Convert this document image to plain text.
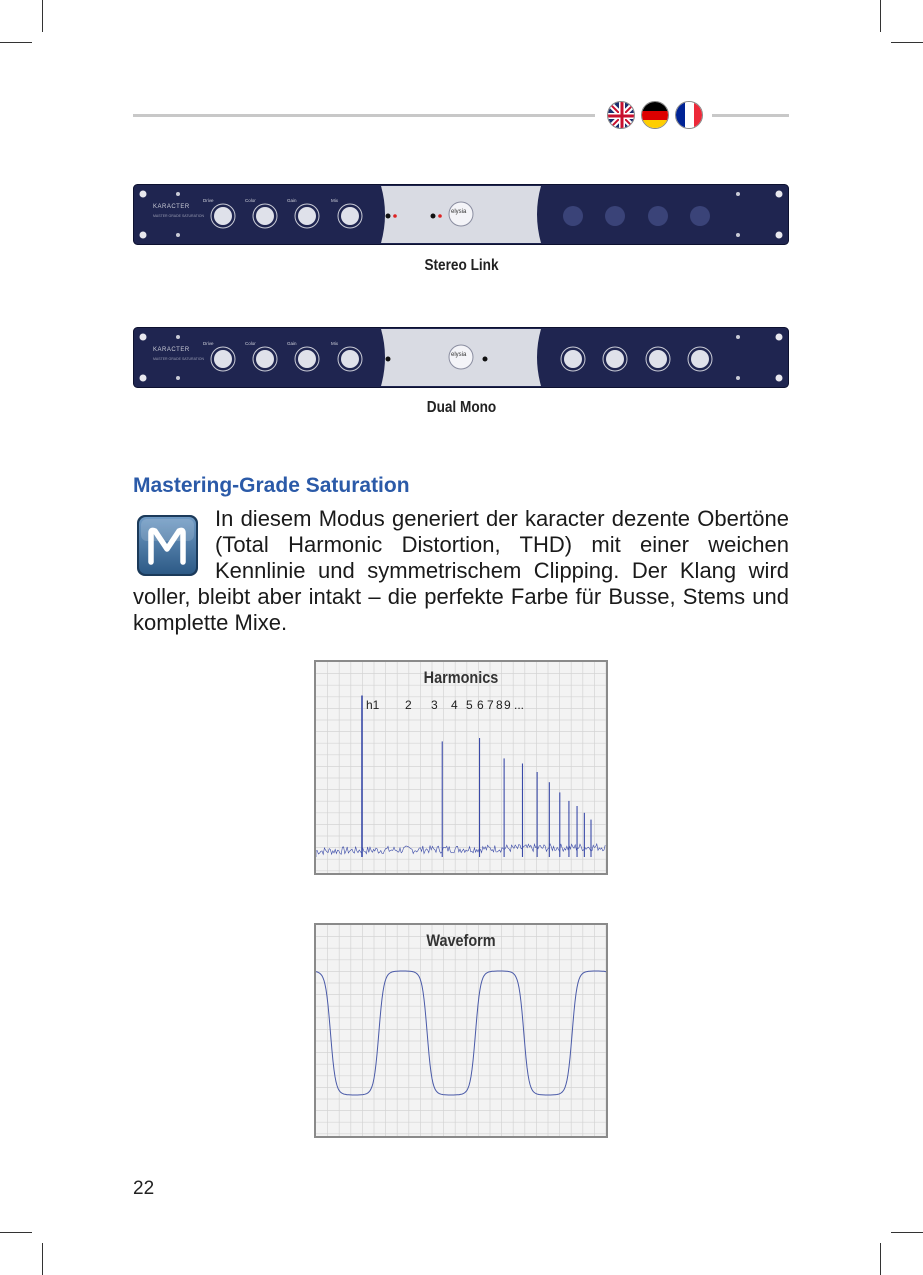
KARACTER
MASTER GRADE SATURATION
Drive	Color	Gain	Mix
elysia
Stereo Link
KARACTER
MASTER GRADE SATURATION
Drive	Color	Gain	Mix
elysia
Dual Mono
Mastering-Grade Saturation

In diesem Modus generiert der karacter dezente Obertöne (Total Harmonic Distortion, THD) mit einer weichen Kennlinie und symmetrischem Clipping. Der Klang wird voller, bleibt aber intakt – die perfekte Farbe für Busse, Stems und komplette Mixe.

Harmonics
h1 2 3 4 5 6 7 8 9 ...
Waveform
22
